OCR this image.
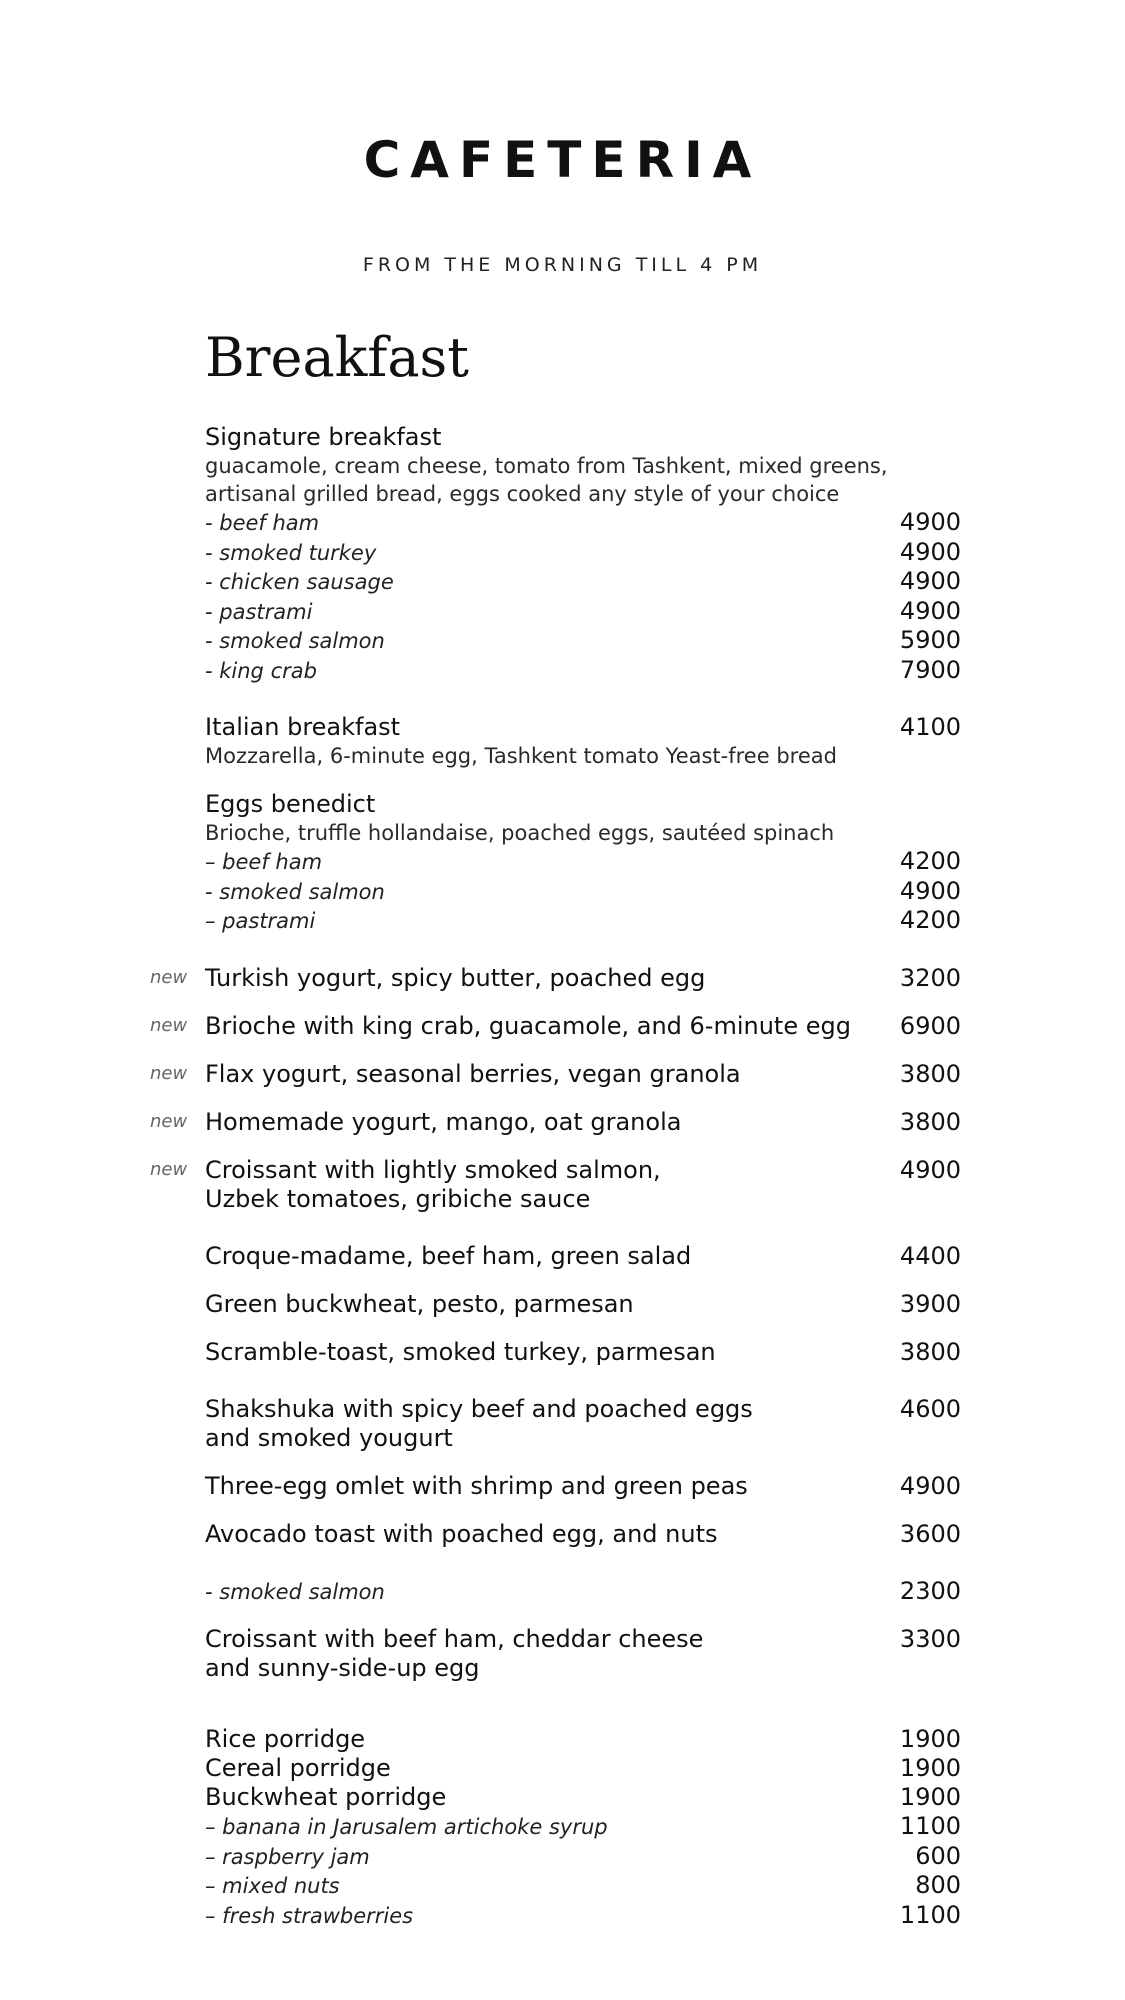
CAFETERIA
FROM THE MORNING TILL 4 PM
Breakfast
Signature breakfast
guacamole, cream cheese, tomato from Tashkent, mixed greens, artisanal grilled bread, eggs cooked any style of your choice
- beef ham	4900
- smoked turkey	4900
- chicken sausage	4900
- pastrami	4900
- smoked salmon	5900
- king crab	7900
Italian breakfast	4100
Mozzarella, 6-minute egg, Tashkent tomato Yeast-free bread
Eggs benedict
Brioche, truffle hollandaise, poached eggs, sautéed spinach
– beef ham	4200
- smoked salmon	4900
– pastrami	4200
new Turkish yogurt, spicy butter, poached egg	3200
new Brioche with king crab, guacamole, and 6-minute egg	6900
new Flax yogurt, seasonal berries, vegan granola	3800
new Homemade yogurt, mango, oat granola	3800
new Croissant with lightly smoked salmon,	4900
Uzbek tomatoes, gribiche sauce
Croque-madame, beef ham, green salad	4400
Green buckwheat, pesto, parmesan	3900
Scramble-toast, smoked turkey, parmesan	3800
Shakshuka with spicy beef and poached eggs	4600
and smoked yougurt
Three-egg omlet with shrimp and green peas	4900
Avocado toast with poached egg, and nuts	3600
- smoked salmon	2300
Croissant with beef ham, cheddar cheese	3300
and sunny-side-up egg
Rice porridge	1900
Cereal porridge	1900
Buckwheat porridge	1900
– banana in Jarusalem artichoke syrup	1100
– raspberry jam	600
– mixed nuts	800
– fresh strawberries	1100
